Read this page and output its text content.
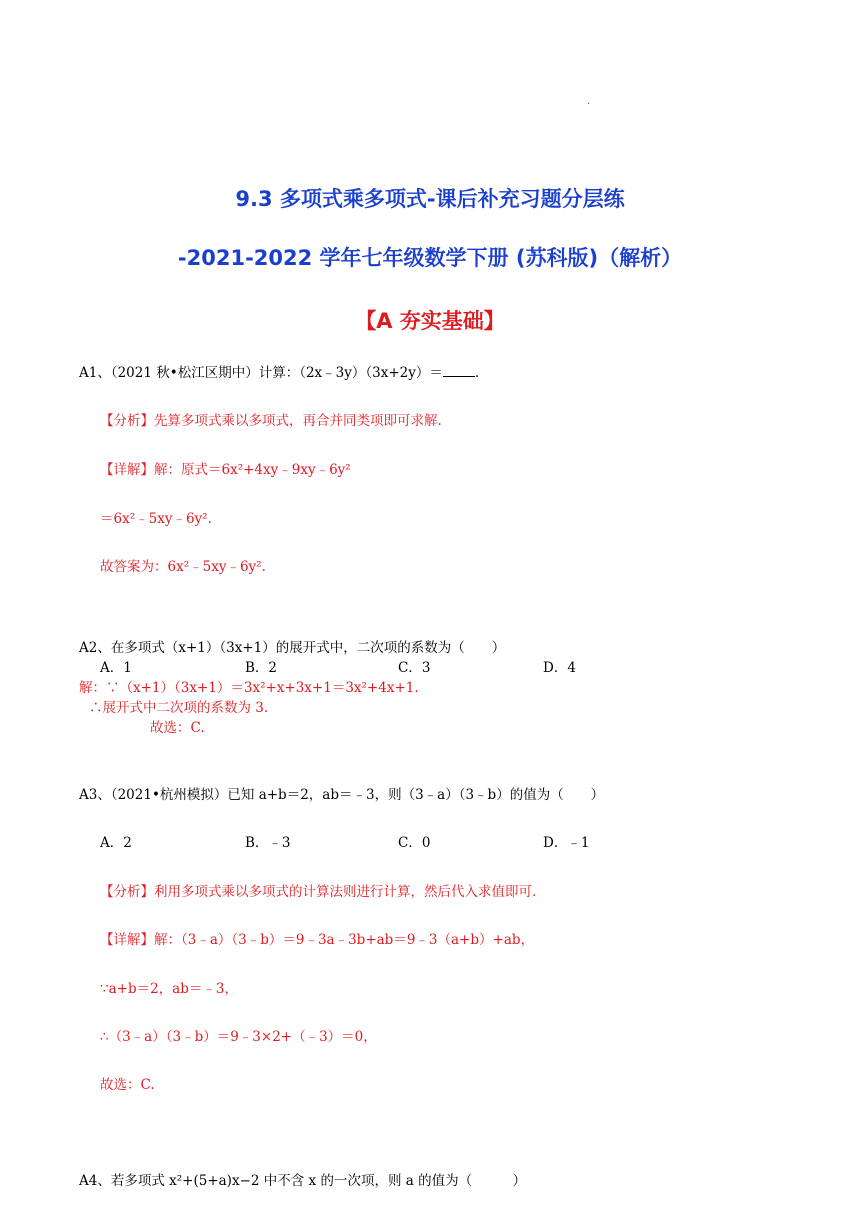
.
9.3 多项式乘多项式-课后补充习题分层练
-2021-2022 学年七年级数学下册 (苏科版)（解析）
【A 夯实基础】
A1、（2021 秋•松江区期中）计算：（2x﹣3y）（3x+2y）＝ .
【分析】先算多项式乘以多项式，再合并同类项即可求解.
【详解】解：原式＝6x²+4xy﹣9xy﹣6y²
＝6x²﹣5xy﹣6y².
故答案为：6x²﹣5xy﹣6y².
A2、在多项式（x+1）（3x+1）的展开式中，二次项的系数为（　　）
A．1	B．2	C．3	D．4
解：∵（x+1）（3x+1）＝3x²+x+3x+1＝3x²+4x+1.
∴展开式中二次项的系数为 3.
故选：C.
A3、（2021•杭州模拟）已知 a+b＝2，ab＝﹣3，则（3﹣a）（3﹣b）的值为（　　）
A．2	B．﹣3	C．0	D．﹣1
【分析】利用多项式乘以多项式的计算法则进行计算，然后代入求值即可.
【详解】解：（3﹣a）（3﹣b）＝9﹣3a﹣3b+ab＝9﹣3（a+b）+ab，
∵a+b＝2，ab＝﹣3，
∴（3﹣a）（3﹣b）＝9﹣3×2+（﹣3）＝0，
故选：C.
A4、若多项式 x²+(5+a)x−2 中不含 x 的一次项，则 a 的值为（　　　）
